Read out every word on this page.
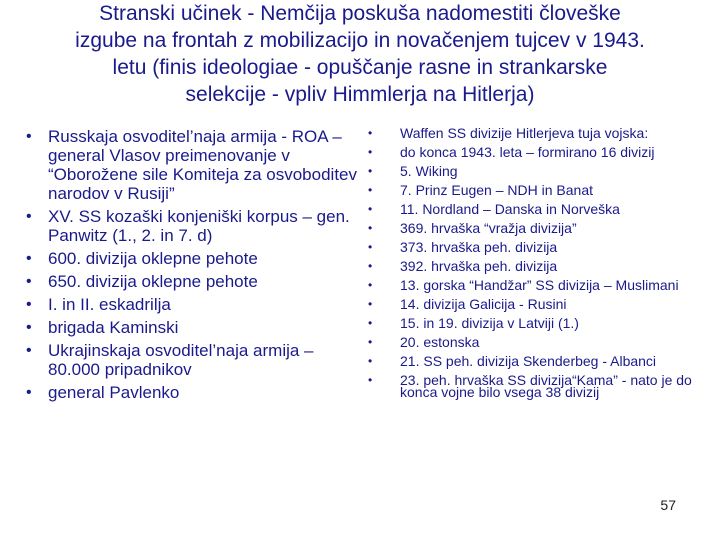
Stranski učinek - Nemčija poskuša nadomestiti človeške
izgube na frontah z mobilizacijo in novačenjem tujcev v 1943.
letu (finis ideologiae - opuščanje rasne in strankarske
selekcije - vpliv Himmlerja na Hitlerja)
• Russkaja osvoditel’naja armija - ROA – general Vlasov preimenovanje v “Oborožene sile Komiteja za osvoboditev narodov v Rusiji”
• XV. SS kozaški konjeniški korpus – gen. Panwitz (1., 2. in 7. d)
• 600. divizija oklepne pehote
• 650. divizija oklepne pehote
• I. in II. eskadrilja
• brigada Kaminski
• Ukrajinskaja osvoditel’naja armija – 80.000 pripadnikov
• general Pavlenko
• Waffen SS divizije Hitlerjeva tuja vojska:
• do konca 1943. leta – formirano 16 divizij
• 5. Wiking
• 7. Prinz Eugen – NDH in Banat
• 11. Nordland – Danska in Norveška
• 369. hrvaška “vražja divizija”
• 373. hrvaška peh. divizija
• 392. hrvaška peh. divizija
• 13. gorska “Handžar” SS divizija – Muslimani
• 14. divizija Galicija - Rusini
• 15. in 19. divizija v Latviji (1.)
• 20. estonska
• 21. SS peh. divizija Skenderbeg - Albanci
• 23. peh. hrvaška SS divizija“Kama” - nato je do konca vojne bilo vsega 38 divizij
57
